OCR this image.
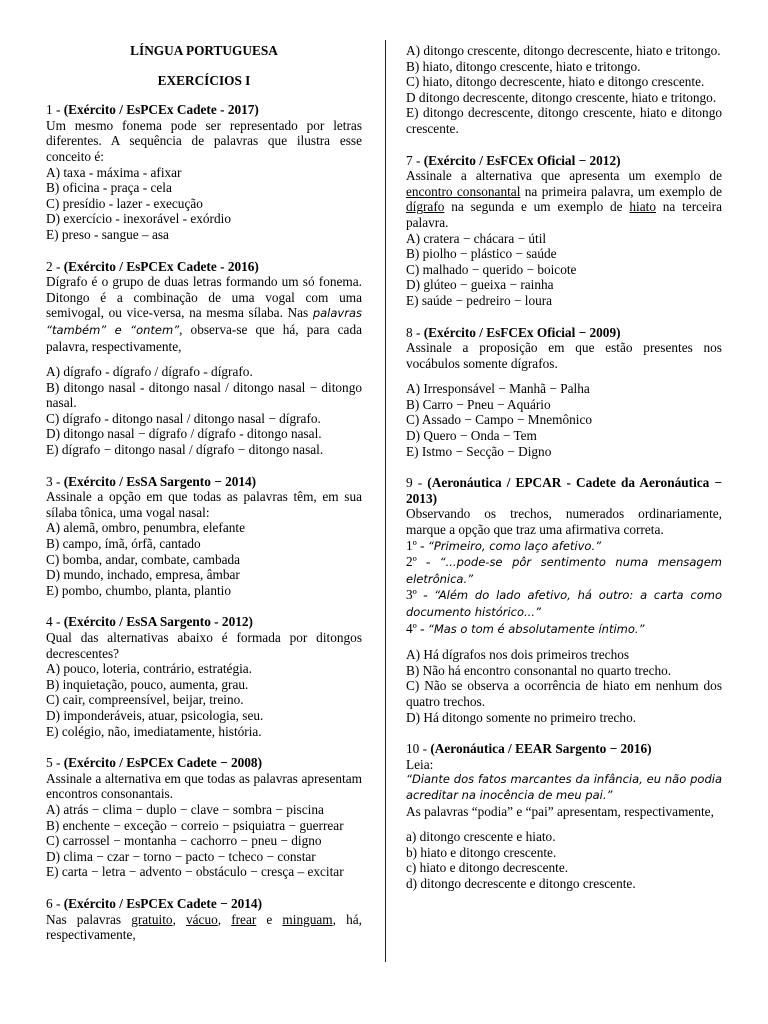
LÍNGUA PORTUGUESA
EXERCÍCIOS I

1 - (Exército / EsPCEx Cadete - 2017)

Um mesmo fonema pode ser representado por letras diferentes. A sequência de palavras que ilustra esse conceito é:

A) taxa - máxima - afixar

B) oficina - praça - cela

C) presídio - lazer - execução

D) exercício - inexorável - exórdio

E) preso - sangue – asa

2 - (Exército / EsPCEx Cadete - 2016)

Dígrafo é o grupo de duas letras formando um só fonema. Ditongo é a combinação de uma vogal com uma semivogal, ou vice-versa, na mesma sílaba. Nas palavras “também” e “ontem”, observa-se que há, para cada palavra, respectivamente,

A) dígrafo - dígrafo / dígrafo - dígrafo.

B) ditongo nasal - ditongo nasal / ditongo nasal − ditongo nasal.

C) dígrafo - ditongo nasal / ditongo nasal − dígrafo.

D) ditongo nasal − dígrafo / dígrafo - ditongo nasal.

E) dígrafo − ditongo nasal / dígrafo − ditongo nasal.

3 - (Exército / EsSA Sargento − 2014)

Assinale a opção em que todas as palavras têm, em sua sílaba tônica, uma vogal nasal:

A) alemã, ombro, penumbra, elefante

B) campo, ímã, órfã, cantado

C) bomba, andar, combate, cambada

D) mundo, inchado, empresa, âmbar

E) pombo, chumbo, planta, plantio

4 - (Exército / EsSA Sargento - 2012)

Qual das alternativas abaixo é formada por ditongos decrescentes?

A) pouco, loteria, contrário, estratégia.

B) inquietação, pouco, aumenta, grau.

C) cair, compreensível, beijar, treino.

D) imponderáveis, atuar, psicologia, seu.

E) colégio, não, imediatamente, história.

5 - (Exército / EsPCEx Cadete − 2008)

Assinale a alternativa em que todas as palavras apresentam encontros consonantais.

A) atrás − clima − duplo − clave − sombra − piscina

B) enchente − exceção − correio − psiquiatra − guerrear

C) carrossel − montanha − cachorro − pneu − digno

D) clima − czar − torno − pacto − tcheco − constar

E) carta − letra − advento − obstáculo − cresça – excitar

6 - (Exército / EsPCEx Cadete − 2014)

Nas palavras gratuito, vácuo, frear e minguam, há, respectivamente,

A) ditongo crescente, ditongo decrescente, hiato e tritongo.

B) hiato, ditongo crescente, hiato e tritongo.

C) hiato, ditongo decrescente, hiato e ditongo crescente.

D ditongo decrescente, ditongo crescente, hiato e tritongo.

E) ditongo decrescente, ditongo crescente, hiato e ditongo crescente.

7 - (Exército / EsFCEx Oficial − 2012)

Assinale a alternativa que apresenta um exemplo de encontro consonantal na primeira palavra, um exemplo de dígrafo na segunda e um exemplo de hiato na terceira palavra.

A) cratera − chácara − útil

B) piolho − plástico − saúde

C) malhado − querido − boicote

D) glúteo − gueixa − rainha

E) saúde − pedreiro − loura

8 - (Exército / EsFCEx Oficial − 2009)

Assinale a proposição em que estão presentes nos vocábulos somente dígrafos.

A) Irresponsável − Manhã − Palha

B) Carro − Pneu − Aquário

C) Assado − Campo − Mnemônico

D) Quero − Onda − Tem

E) Istmo − Secção − Digno

9 - (Aeronáutica / EPCAR - Cadete da Aeronáutica − 2013)

Observando os trechos, numerados ordinariamente, marque a opção que traz uma afirmativa correta.

1º - “Primeiro, como laço afetivo.”

2º - “...pode-se pôr sentimento numa mensagem eletrônica.”

3º - “Além do lado afetivo, há outro: a carta como documento histórico...”

4º - “Mas o tom é absolutamente íntimo.”

A) Há dígrafos nos dois primeiros trechos

B) Não há encontro consonantal no quarto trecho.

C) Não se observa a ocorrência de hiato em nenhum dos quatro trechos.

D) Há ditongo somente no primeiro trecho.

10 - (Aeronáutica / EEAR Sargento − 2016)

Leia:

“Diante dos fatos marcantes da infância, eu não podia acreditar na inocência de meu pai.”

As palavras “podia” e “pai” apresentam, respectivamente,

a) ditongo crescente e hiato.

b) hiato e ditongo crescente.

c) hiato e ditongo decrescente.

d) ditongo decrescente e ditongo crescente.
